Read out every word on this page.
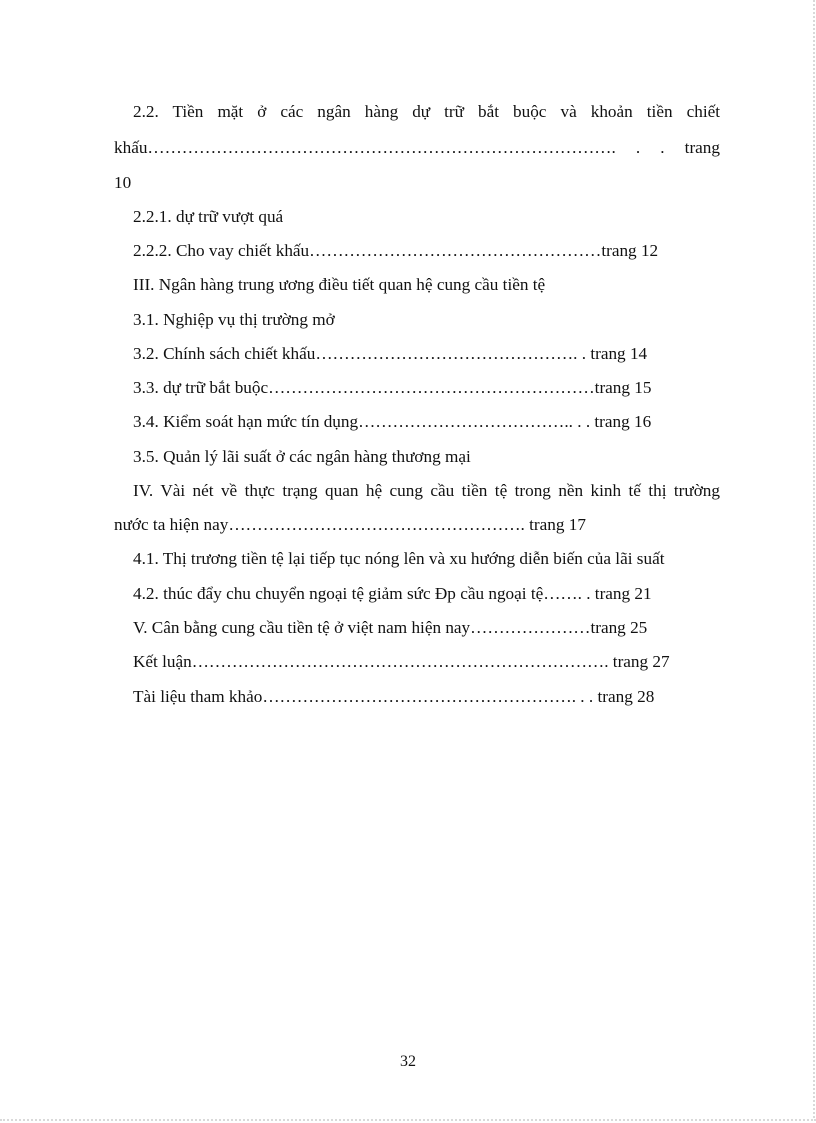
2.2. Tiền mặt ở các ngân hàng dự trữ bắt buộc và khoản tiền chiết

khấu………………………………………………………………………. . . trang

10

2.2.1. dự trữ vượt quá

2.2.2. Cho vay chiết khấu……………………………………………trang 12

III. Ngân hàng trung ương điều tiết quan hệ cung cầu tiền tệ

3.1. Nghiệp vụ thị trường mở

3.2. Chính sách chiết khấu………………………………………. . trang 14

3.3. dự trữ bắt buộc…………………………………………………trang 15

3.4. Kiểm soát hạn mức tín dụng……………………………….. . . trang 16

3.5. Quản lý lãi suất ở các ngân hàng thương mại

IV. Vài nét về thực trạng quan hệ cung cầu tiền tệ trong nền kinh tế thị trường

nước ta hiện nay……………………………………………. trang 17

4.1. Thị trương tiền tệ lại tiếp tục nóng lên và xu hướng diễn biến của lãi suất

4.2. thúc đẩy chu chuyển ngoại tệ giảm sức Đp cầu ngoại tệ……. . trang 21

V. Cân bằng cung cầu tiền tệ ở việt nam hiện nay…………………trang 25

Kết luận………………………………………………………………. trang 27

Tài liệu tham khảo………………………………………………. . . trang 28

32
